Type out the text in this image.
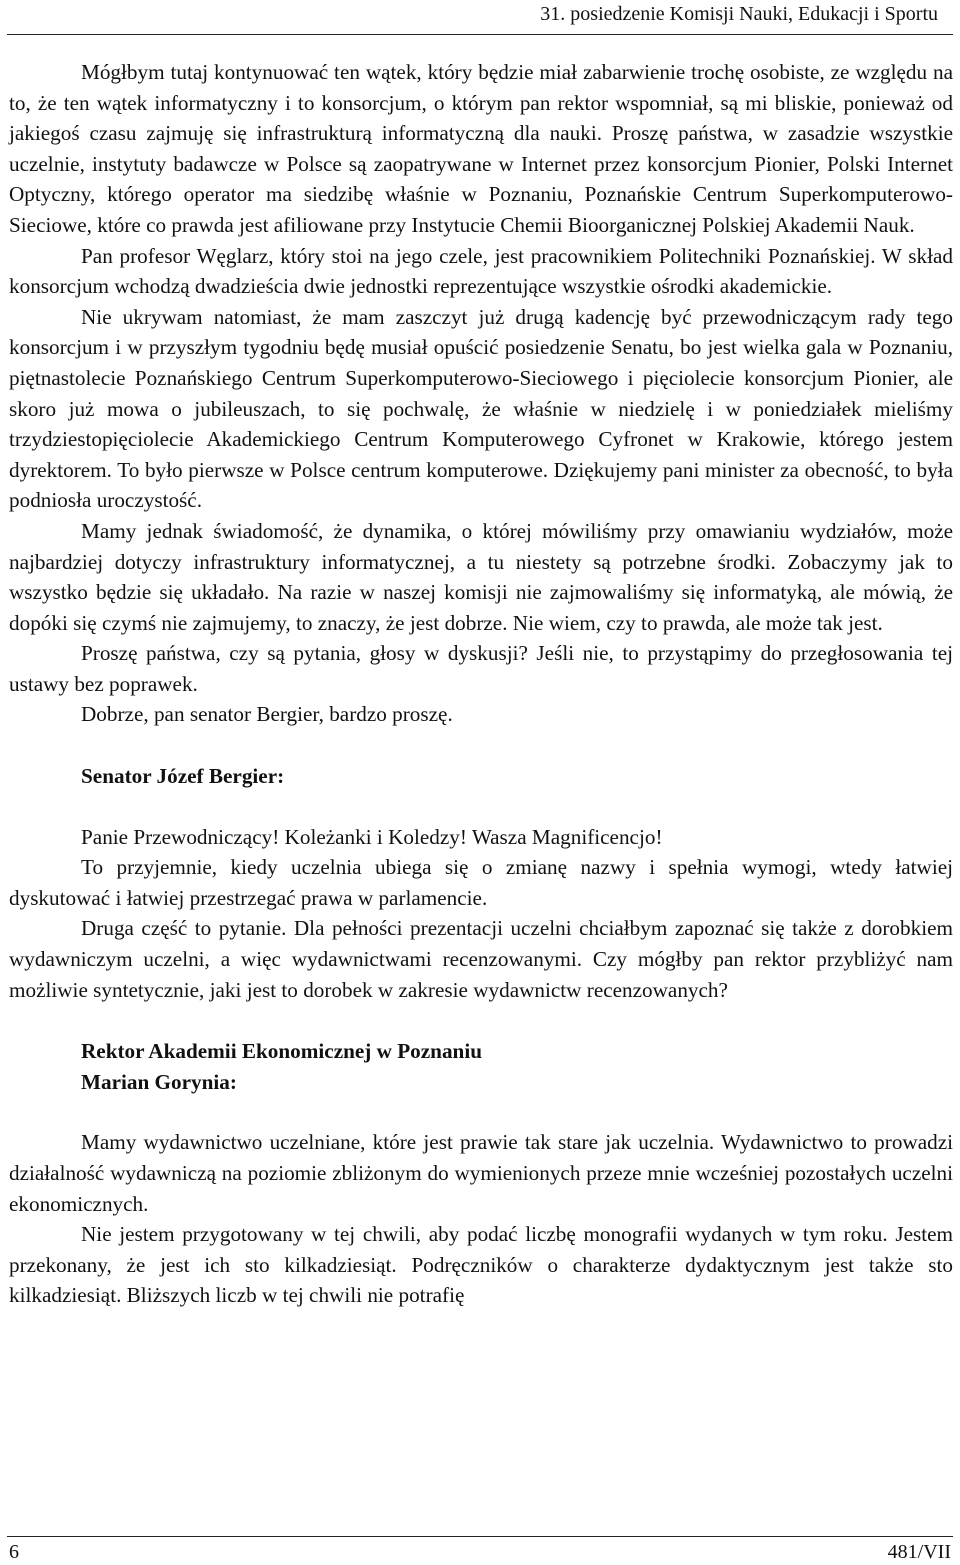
31. posiedzenie Komisji Nauki, Edukacji i Sportu

Mógłbym tutaj kontynuować ten wątek, który będzie miał zabarwienie trochę osobiste, ze względu na to, że ten wątek informatyczny i to konsorcjum, o którym pan rektor wspomniał, są mi bliskie, ponieważ od jakiegoś czasu zajmuję się infrastrukturą informatyczną dla nauki. Proszę państwa, w zasadzie wszystkie uczelnie, instytuty badawcze w Polsce są zaopatrywane w Internet przez konsorcjum Pionier, Polski Internet Optyczny, którego operator ma siedzibę właśnie w Poznaniu, Poznańskie Centrum Superkomputerowo-Sieciowe, które co prawda jest afiliowane przy Instytucie Chemii Bioorganicznej Polskiej Akademii Nauk.

Pan profesor Węglarz, który stoi na jego czele, jest pracownikiem Politechniki Poznańskiej. W skład konsorcjum wchodzą dwadzieścia dwie jednostki reprezentujące wszystkie ośrodki akademickie.

Nie ukrywam natomiast, że mam zaszczyt już drugą kadencję być przewodniczącym rady tego konsorcjum i w przyszłym tygodniu będę musiał opuścić posiedzenie Senatu, bo jest wielka gala w Poznaniu, piętnastolecie Poznańskiego Centrum Superkomputerowo-Sieciowego i pięciolecie konsorcjum Pionier, ale skoro już mowa o jubileuszach, to się pochwalę, że właśnie w niedzielę i w poniedziałek mieliśmy trzydziestopięciolecie Akademickiego Centrum Komputerowego Cyfronet w Krakowie, którego jestem dyrektorem. To było pierwsze w Polsce centrum komputerowe. Dziękujemy pani minister za obecność, to była podniosła uroczystość.

Mamy jednak świadomość, że dynamika, o której mówiliśmy przy omawianiu wydziałów, może najbardziej dotyczy infrastruktury informatycznej, a tu niestety są potrzebne środki. Zobaczymy jak to wszystko będzie się układało. Na razie w naszej komisji nie zajmowaliśmy się informatyką, ale mówią, że dopóki się czymś nie zajmujemy, to znaczy, że jest dobrze. Nie wiem, czy to prawda, ale może tak jest.

Proszę państwa, czy są pytania, głosy w dyskusji? Jeśli nie, to przystąpimy do przegłosowania tej ustawy bez poprawek.

Dobrze, pan senator Bergier, bardzo proszę.

Senator Józef Bergier:

Panie Przewodniczący! Koleżanki i Koledzy! Wasza Magnificencjo!

To przyjemnie, kiedy uczelnia ubiega się o zmianę nazwy i spełnia wymogi, wtedy łatwiej dyskutować i łatwiej przestrzegać prawa w parlamencie.

Druga część to pytanie. Dla pełności prezentacji uczelni chciałbym zapoznać się także z dorobkiem wydawniczym uczelni, a więc wydawnictwami recenzowanymi. Czy mógłby pan rektor przybliżyć nam możliwie syntetycznie, jaki jest to dorobek w zakresie wydawnictw recenzowanych?

Rektor Akademii Ekonomicznej w Poznaniu

Marian Gorynia:

Mamy wydawnictwo uczelniane, które jest prawie tak stare jak uczelnia. Wydawnictwo to prowadzi działalność wydawniczą na poziomie zbliżonym do wymienionych przeze mnie wcześniej pozostałych uczelni ekonomicznych.

Nie jestem przygotowany w tej chwili, aby podać liczbę monografii wydanych w tym roku. Jestem przekonany, że jest ich sto kilkadziesiąt. Podręczników o charakterze dydaktycznym jest także sto kilkadziesiąt. Bliższych liczb w tej chwili nie potrafię

6	481/VII
